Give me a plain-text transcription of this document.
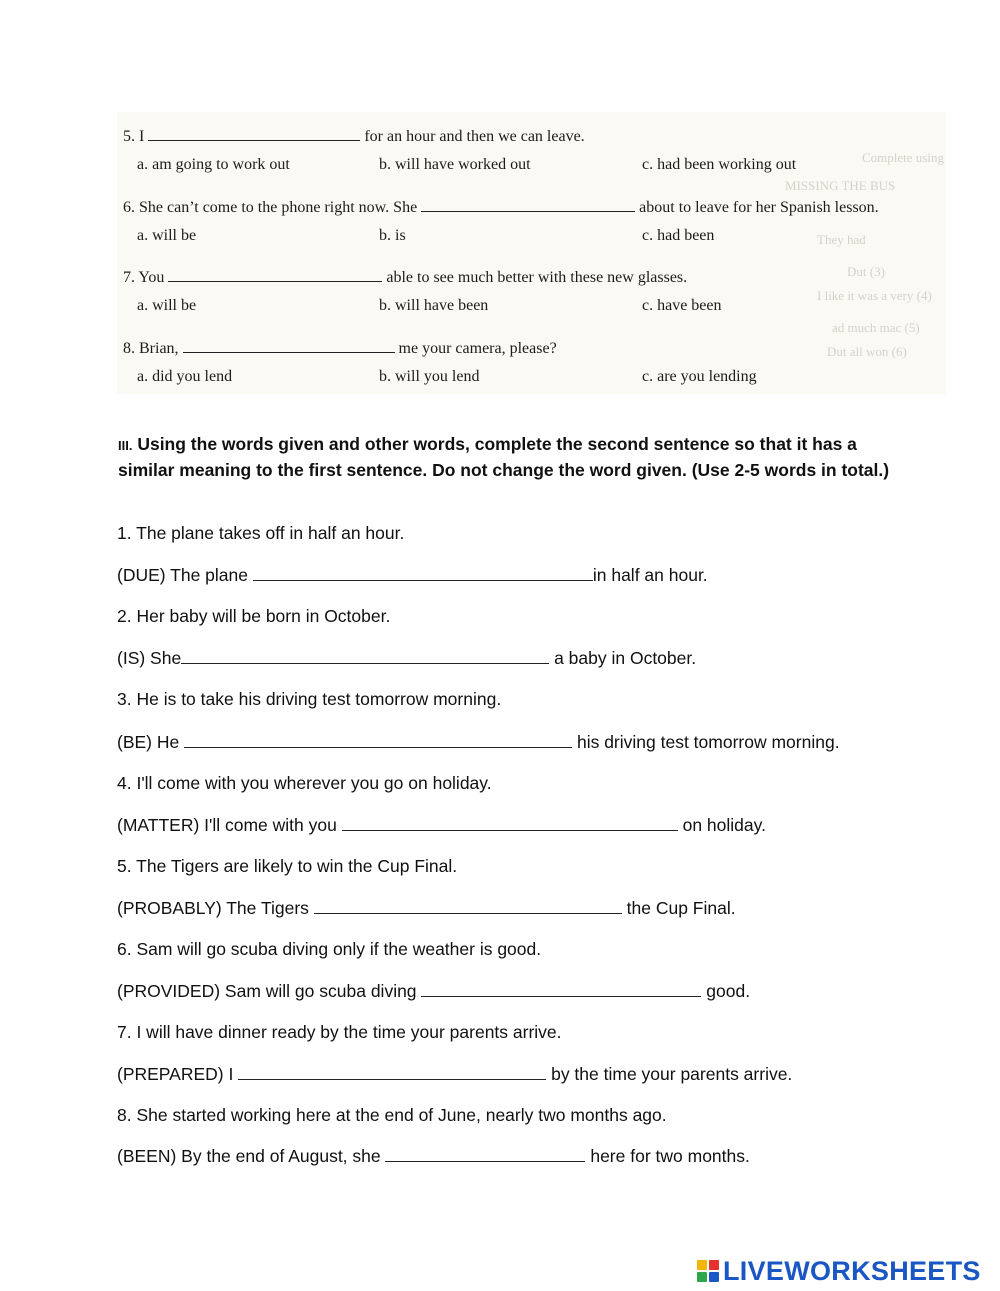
Complete using
MISSING THE BUS
They had
Dut (3)
I like it was a very (4)
ad much mac (5)
Dut all won (6)
5. I	for an hour and then we can leave.
a. am going to work out	b. will have worked out	c. had been working out
6. She can’t come to the phone right now. She	about to leave for her Spanish lesson.
a. will be	b. is	c. had been
7. You	able to see much better with these new glasses.
a. will be	b. will have been	c. have been
8. Brian,	me your camera, please?
a. did you lend	b. will you lend	c. are you lending
III. Using the words given and other words, complete the second sentence so that it has a similar meaning to the first sentence. Do not change the word given. (Use 2-5 words in total.)
1. The plane takes off in half an hour.
(DUE) The plane	in half an hour.
2. Her baby will be born in October.
(IS) She	a baby in October.
3. He is to take his driving test tomorrow morning.
(BE) He	his driving test tomorrow morning.
4. I'll come with you wherever you go on holiday.
(MATTER) I'll come with you	on holiday.
5. The Tigers are likely to win the Cup Final.
(PROBABLY) The Tigers	the Cup Final.
6. Sam will go scuba diving only if the weather is good.
(PROVIDED) Sam will go scuba diving	good.
7. I will have dinner ready by the time your parents arrive.
(PREPARED) I	by the time your parents arrive.
8. She started working here at the end of June, nearly two months ago.
(BEEN) By the end of August, she	here for two months.
LIVEWORKSHEETS
